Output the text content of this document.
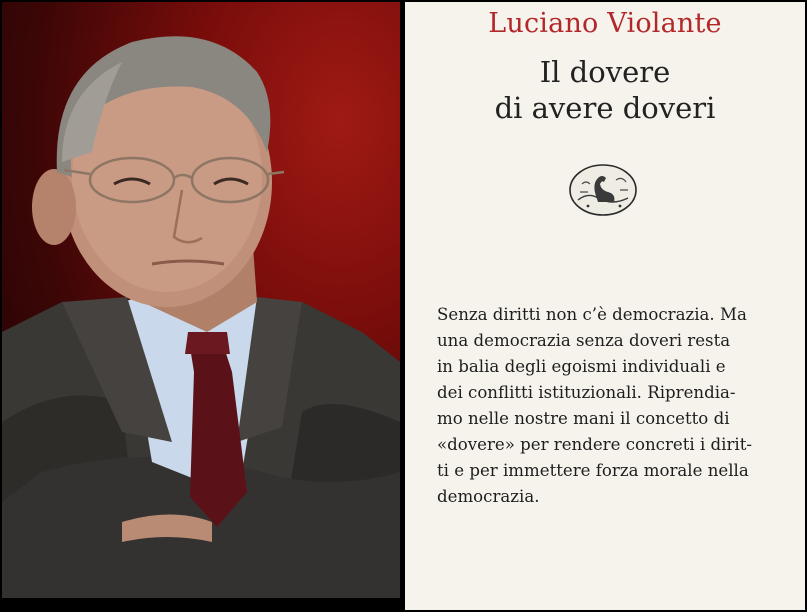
Luciano Violante
Il dovere
di avere doveri
Senza diritti non c’è democrazia. Ma
una democrazia senza doveri resta
in balia degli egoismi individuali e
dei conflitti istituzionali. Riprendia-
mo nelle nostre mani il concetto di
«dovere» per rendere concreti i dirit-
ti e per immettere forza morale nella
democrazia.
